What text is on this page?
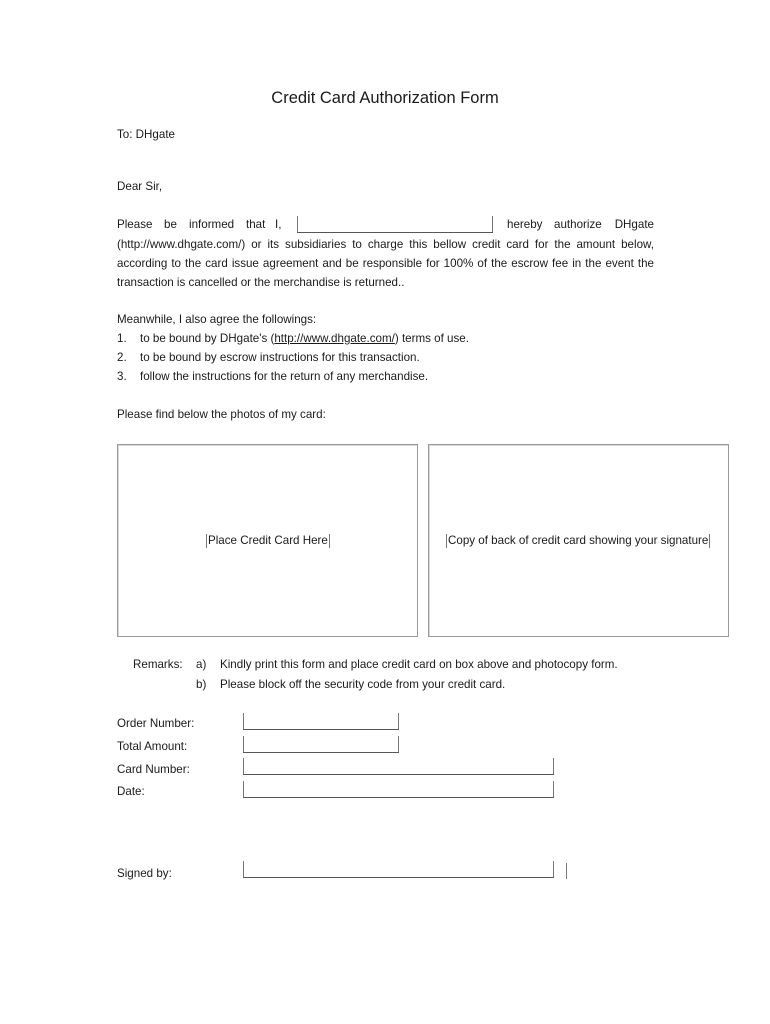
Credit Card Authorization Form
To: DHgate
Dear Sir,
Please be informed that I,	hereby authorize DHgate
(http://www.dhgate.com/) or its subsidiaries to charge this bellow credit card for the amount below,
according to the card issue agreement and be responsible for 100% of the escrow fee in the event the
transaction is cancelled or the merchandise is returned..
Meanwhile, I also agree the followings:
1. to be bound by DHgate's (http://www.dhgate.com/) terms of use.
2. to be bound by escrow instructions for this transaction.
3. follow the instructions for the return of any merchandise.
Please find below the photos of my card:
Place Credit Card Here	Copy of back of credit card showing your signature
Remarks: a) Kindly print this form and place credit card on box above and photocopy form.
b) Please block off the security code from your credit card.
Order Number:
Total Amount:
Card Number:
Date:
Signed by:
